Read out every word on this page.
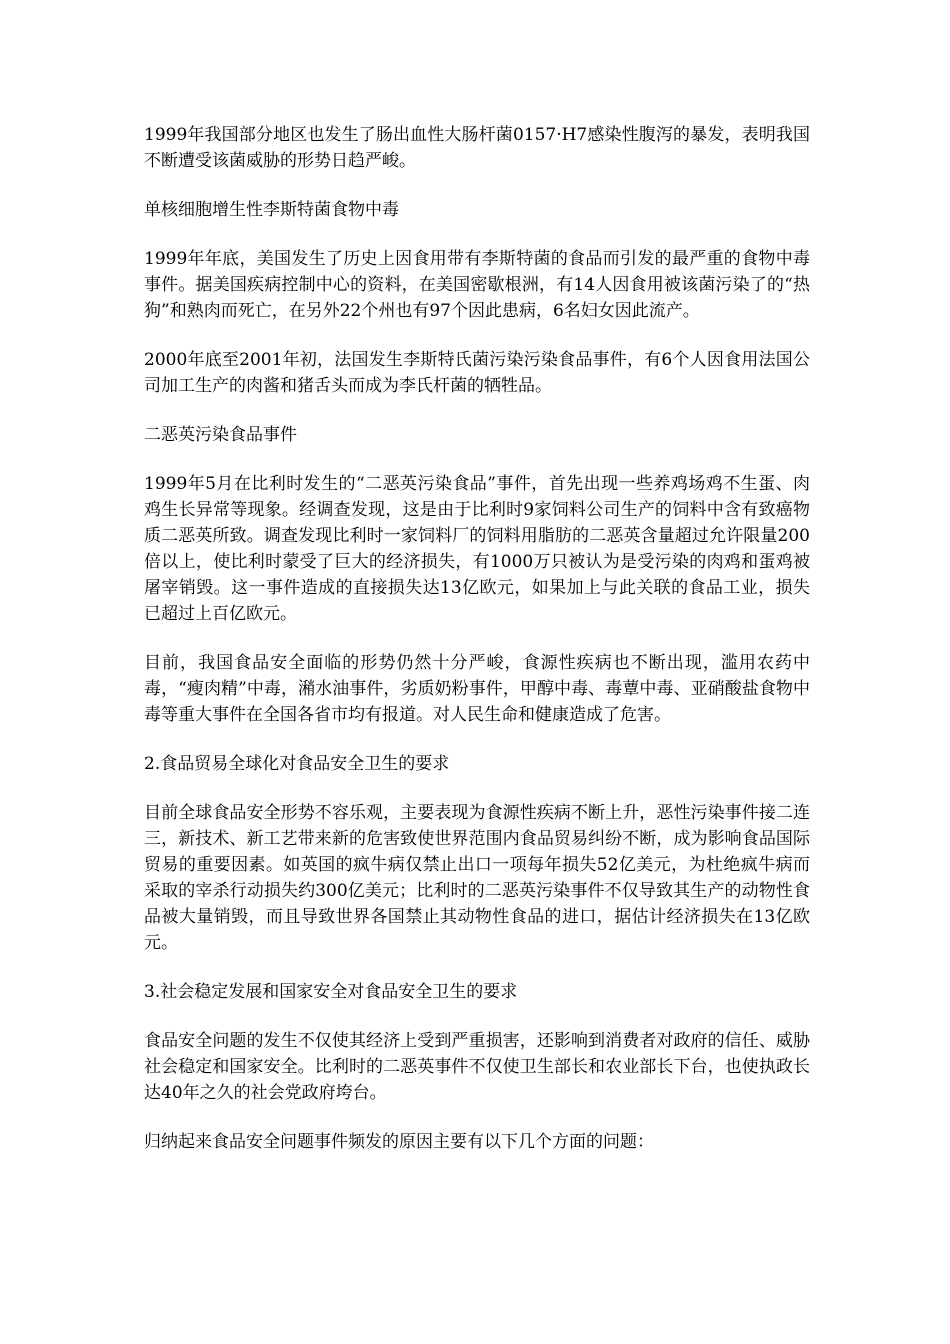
1999年我国部分地区也发生了肠出血性大肠杆菌0157·H7感染性腹泻的暴发，表明我国不断遭受该菌威胁的形势日趋严峻。

单核细胞增生性李斯特菌食物中毒

1999年年底，美国发生了历史上因食用带有李斯特菌的食品而引发的最严重的食物中毒事件。据美国疾病控制中心的资料，在美国密歇根洲，有14人因食用被该菌污染了的“热狗”和熟肉而死亡，在另外22个州也有97个因此患病，6名妇女因此流产。

2000年底至2001年初，法国发生李斯特氏菌污染污染食品事件，有6个人因食用法国公司加工生产的肉酱和猪舌头而成为李氏杆菌的牺牲品。

二恶英污染食品事件

1999年5月在比利时发生的“二恶英污染食品”事件，首先出现一些养鸡场鸡不生蛋、肉鸡生长异常等现象。经调查发现，这是由于比利时9家饲料公司生产的饲料中含有致癌物质二恶英所致。调查发现比利时一家饲料厂的饲料用脂肪的二恶英含量超过允许限量200倍以上，使比利时蒙受了巨大的经济损失，有1000万只被认为是受污染的肉鸡和蛋鸡被屠宰销毁。这一事件造成的直接损失达13亿欧元，如果加上与此关联的食品工业，损失已超过上百亿欧元。

目前，我国食品安全面临的形势仍然十分严峻，食源性疾病也不断出现，滥用农药中毒，“瘦肉精”中毒，潲水油事件，劣质奶粉事件，甲醇中毒、毒蕈中毒、亚硝酸盐食物中毒等重大事件在全国各省市均有报道。对人民生命和健康造成了危害。

2.食品贸易全球化对食品安全卫生的要求

目前全球食品安全形势不容乐观，主要表现为食源性疾病不断上升，恶性污染事件接二连三，新技术、新工艺带来新的危害致使世界范围内食品贸易纠纷不断，成为影响食品国际贸易的重要因素。如英国的疯牛病仅禁止出口一项每年损失52亿美元，为杜绝疯牛病而采取的宰杀行动损失约300亿美元；比利时的二恶英污染事件不仅导致其生产的动物性食品被大量销毁，而且导致世界各国禁止其动物性食品的进口，据估计经济损失在13亿欧元。

3.社会稳定发展和国家安全对食品安全卫生的要求

食品安全问题的发生不仅使其经济上受到严重损害，还影响到消费者对政府的信任、威胁社会稳定和国家安全。比利时的二恶英事件不仅使卫生部长和农业部长下台，也使执政长达40年之久的社会党政府垮台。

归纳起来食品安全问题事件频发的原因主要有以下几个方面的问题：
